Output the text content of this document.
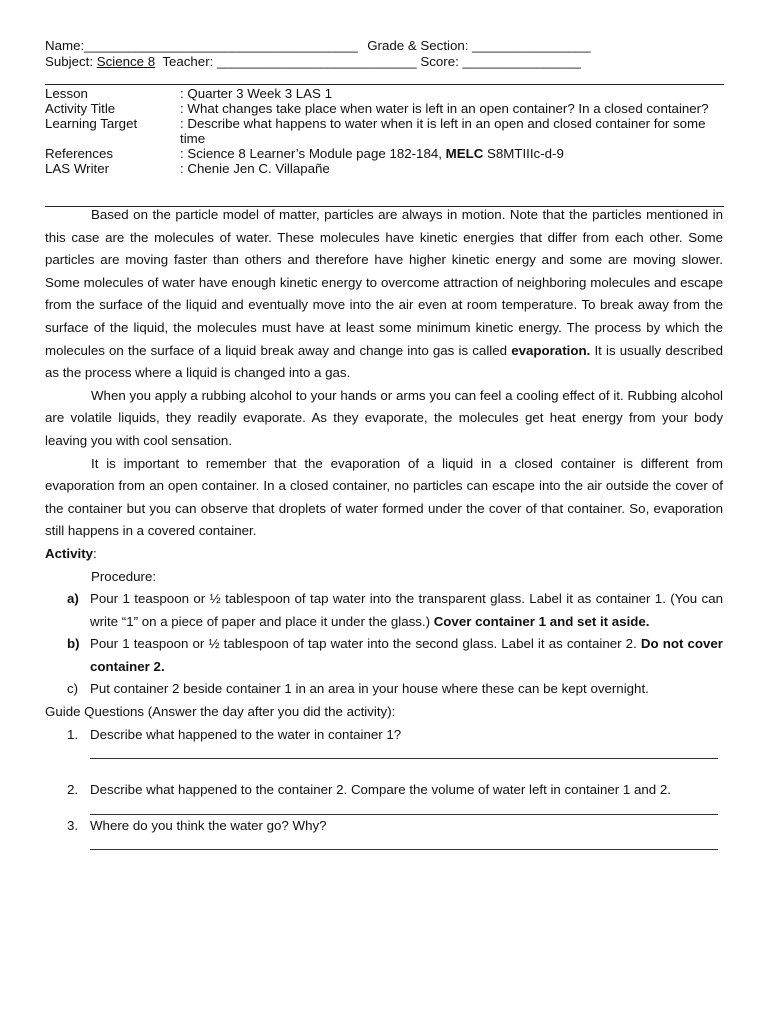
Name:_____________________________________ Grade & Section: ________________
Subject: Science 8 Teacher: ___________________________ Score: ________________
Lesson	: Quarter 3 Week 3 LAS 1
Activity Title	: What changes take place when water is left in an open container? In a closed container?
Learning Target	: Describe what happens to water when it is left in an open and closed container for some time
References	: Science 8 Learner’s Module page 182-184, MELC S8MTIIIc-d-9
LAS Writer	: Chenie Jen C. Villapañe

Based on the particle model of matter, particles are always in motion. Note that the particles mentioned in this case are the molecules of water. These molecules have kinetic energies that differ from each other. Some particles are moving faster than others and therefore have higher kinetic energy and some are moving slower. Some molecules of water have enough kinetic energy to overcome attraction of neighboring molecules and escape from the surface of the liquid and eventually move into the air even at room temperature. To break away from the surface of the liquid, the molecules must have at least some minimum kinetic energy. The process by which the molecules on the surface of a liquid break away and change into gas is called evaporation. It is usually described as the process where a liquid is changed into a gas.

When you apply a rubbing alcohol to your hands or arms you can feel a cooling effect of it. Rubbing alcohol are volatile liquids, they readily evaporate. As they evaporate, the molecules get heat energy from your body leaving you with cool sensation.

It is important to remember that the evaporation of a liquid in a closed container is different from evaporation from an open container. In a closed container, no particles can escape into the air outside the cover of the container but you can observe that droplets of water formed under the cover of that container. So, evaporation still happens in a covered container.

Activity:

Procedure:

a) Pour 1 teaspoon or ½ tablespoon of tap water into the transparent glass. Label it as container 1. (You can write “1” on a piece of paper and place it under the glass.) Cover container 1 and set it aside.
b) Pour 1 teaspoon or ½ tablespoon of tap water into the second glass. Label it as container 2. Do not cover container 2.
c) Put container 2 beside container 1 in an area in your house where these can be kept overnight.

Guide Questions (Answer the day after you did the activity):

1. Describe what happened to the water in container 1?
2. Describe what happened to the container 2. Compare the volume of water left in container 1 and 2.
3. Where do you think the water go? Why?
